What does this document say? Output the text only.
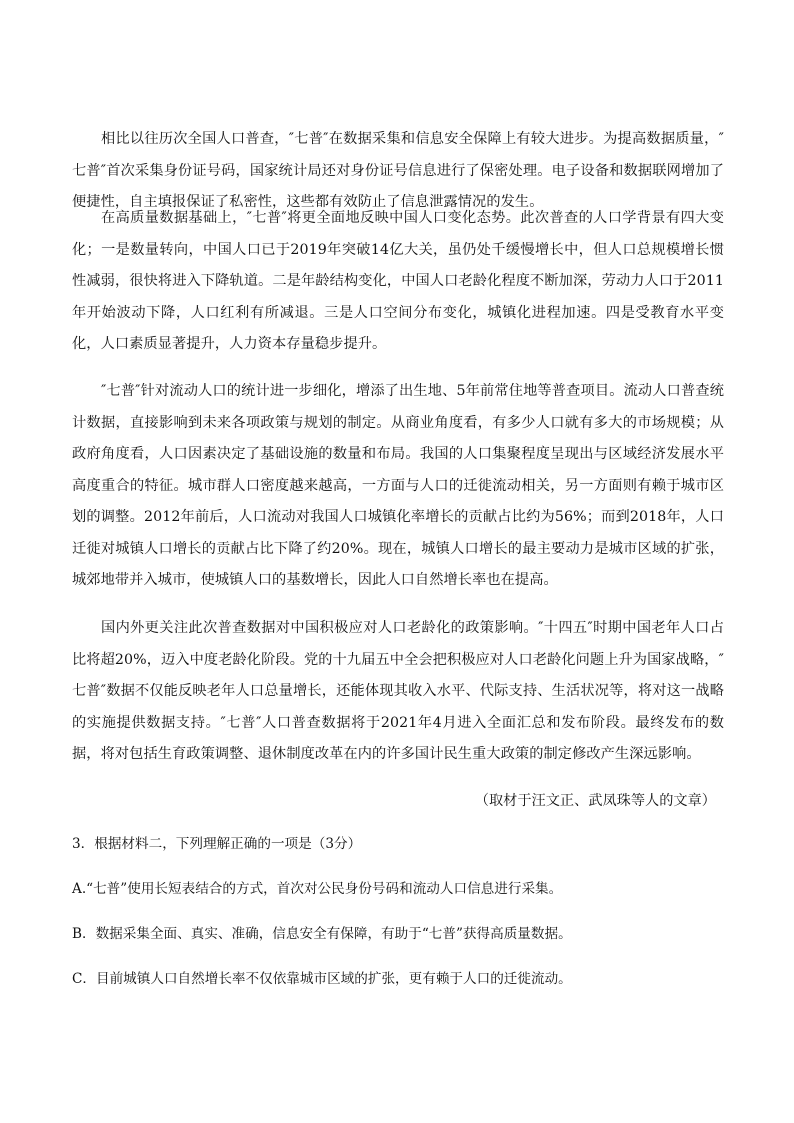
相比以往历次全国人口普查，″七普″在数据采集和信息安全保障上有较大进步。为提高数据质量，″七普″首次采集身份证号码，国家统计局还对身份证号信息进行了保密处理。电子设备和数据联网增加了便捷性，自主填报保证了私密性，这些都有效防止了信息泄露情况的发生。

在高质量数据基础上，″七普″将更全面地反映中国人口变化态势。此次普查的人口学背景有四大变化；一是数量转向，中国人口已于2019年突破14亿大关，虽仍处千缓慢增长中，但人口总规模增长惯性减弱，很快将进入下降轨道。二是年龄结构变化，中国人口老龄化程度不断加深，劳动力人口于2011年开始波动下降，人口红利有所减退。三是人口空间分布变化，城镇化进程加速。四是受教育水平变化，人口素质显著提升，人力资本存量稳步提升。

″七普″针对流动人口的统计进一步细化，增添了出生地、5年前常住地等普查项目。流动人口普查统计数据，直接影响到未来各项政策与规划的制定。从商业角度看，有多少人口就有多大的市场规模；从政府角度看，人口因素决定了基础设施的数量和布局。我国的人口集聚程度呈现出与区域经济发展水平高度重合的特征。城市群人口密度越来越高，一方面与人口的迁徙流动相关，另一方面则有赖于城市区划的调整。2012年前后，人口流动对我国人口城镇化率增长的贡献占比约为56%；而到2018年，人口迁徙对城镇人口增长的贡献占比下降了约20%。现在，城镇人口增长的最主要动力是城市区域的扩张，城郊地带并入城市，使城镇人口的基数增长，因此人口自然增长率也在提高。

国内外更关注此次普查数据对中国积极应对人口老龄化的政策影响。″十四五″时期中国老年人口占比将超20%，迈入中度老龄化阶段。党的十九届五中全会把积极应对人口老龄化问题上升为国家战略，″七普″数据不仅能反映老年人口总量增长，还能体现其收入水平、代际支持、生活状况等，将对这一战略的实施提供数据支持。″七普″人口普查数据将于2021年4月进入全面汇总和发布阶段。最终发布的数据，将对包括生育政策调整、退休制度改革在内的许多国计民生重大政策的制定修改产生深远影响。

（取材于汪文正、武凤珠等人的文章）

3．根据材料二，下列理解正确的一项是（3分）

A.“七普”使用长短表结合的方式，首次对公民身份号码和流动人口信息进行采集。

B．数据采集全面、真实、准确，信息安全有保障，有助于“七普”获得高质量数据。

C．目前城镇人口自然增长率不仅依靠城市区域的扩张，更有赖于人口的迁徙流动。
